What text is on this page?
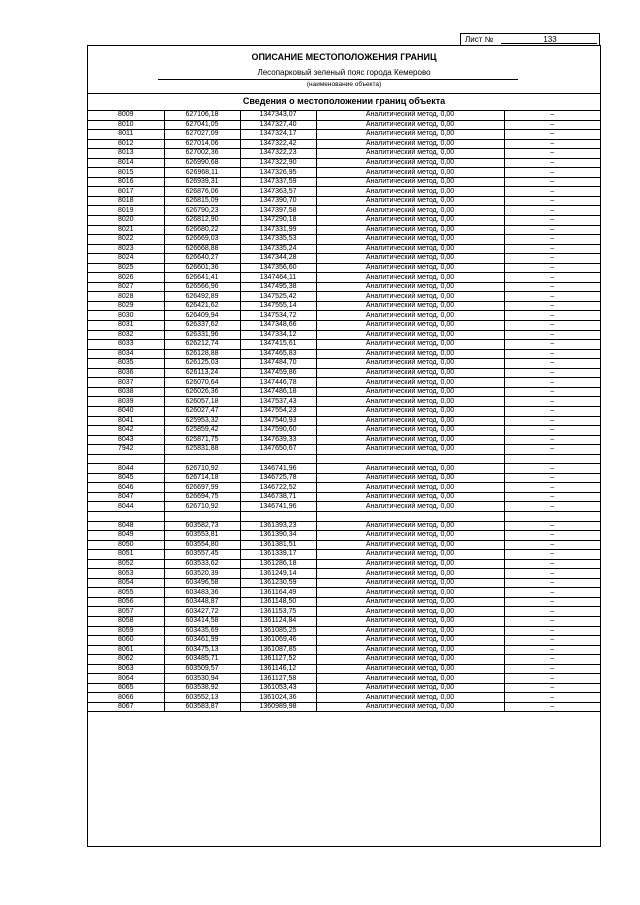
Лист №	133
ОПИСАНИЕ МЕСТОПОЛОЖЕНИЯ ГРАНИЦ
Лесопарковый зеленый пояс города Кемерово
(наименование объекта)
Сведения о местоположении границ объекта
8009	627106,18	1347343,07	Аналитический метод, 0,00	–
8010	627041,05	1347327,40	Аналитический метод, 0,00	–
8011	627027,09	1347324,17	Аналитический метод, 0,00	–
8012	627014,06	1347322,42	Аналитический метод, 0,00	–
8013	627002,36	1347322,23	Аналитический метод, 0,00	–
8014	626990,68	1347322,90	Аналитический метод, 0,00	–
8015	626968,11	1347326,95	Аналитический метод, 0,00	–
8016	626939,31	1347337,59	Аналитический метод, 0,00	–
8017	626876,06	1347363,57	Аналитический метод, 0,00	–
8018	626815,09	1347390,70	Аналитический метод, 0,00	–
8019	626790,23	1347397,58	Аналитический метод, 0,00	–
8020	626812,90	1347290,18	Аналитический метод, 0,00	–
8021	626680,22	1347331,99	Аналитический метод, 0,00	–
8022	626669,03	1347335,53	Аналитический метод, 0,00	–
8023	626668,88	1347335,24	Аналитический метод, 0,00	–
8024	626640,27	1347344,28	Аналитический метод, 0,00	–
8025	626601,36	1347356,60	Аналитический метод, 0,00	–
8026	626641,41	1347464,11	Аналитический метод, 0,00	–
8027	626566,96	1347495,38	Аналитический метод, 0,00	–
8028	626492,89	1347525,42	Аналитический метод, 0,00	–
8029	626421,62	1347555,14	Аналитический метод, 0,00	–
8030	626409,94	1347534,72	Аналитический метод, 0,00	–
8031	626337,62	1347348,66	Аналитический метод, 0,00	–
8032	626331,96	1347334,12	Аналитический метод, 0,00	–
8033	626212,74	1347415,61	Аналитический метод, 0,00	–
8034	626128,88	1347465,83	Аналитический метод, 0,00	–
8035	626125,03	1347484,70	Аналитический метод, 0,00	–
8036	626113,24	1347459,86	Аналитический метод, 0,00	–
8037	626070,64	1347446,78	Аналитический метод, 0,00	–
8038	626026,36	1347486,18	Аналитический метод, 0,00	–
8039	626057,18	1347537,43	Аналитический метод, 0,00	–
8040	626027,47	1347554,23	Аналитический метод, 0,00	–
8041	625953,32	1347540,93	Аналитический метод, 0,00	–
8042	625859,42	1347590,60	Аналитический метод, 0,00	–
8043	625871,75	1347639,33	Аналитический метод, 0,00	–
7942	625831,88	1347650,67	Аналитический метод, 0,00	–

8044	626710,92	1346741,96	Аналитический метод, 0,00	–
8045	626714,18	1346725,78	Аналитический метод, 0,00	–
8046	626697,99	1346722,52	Аналитический метод, 0,00	–
8047	626694,75	1346738,71	Аналитический метод, 0,00	–
8044	626710,92	1346741,96	Аналитический метод, 0,00	–

8048	603582,73	1361393,23	Аналитический метод, 0,00	–
8049	603553,81	1361390,34	Аналитический метод, 0,00	–
8050	603554,80	1361381,51	Аналитический метод, 0,00	–
8051	603557,45	1361339,17	Аналитический метод, 0,00	–
8052	603533,62	1361286,18	Аналитический метод, 0,00	–
8053	603520,39	1361249,14	Аналитический метод, 0,00	–
8054	603496,58	1361230,59	Аналитический метод, 0,00	–
8055	603483,36	1361164,49	Аналитический метод, 0,00	–
8056	603448,87	1361148,50	Аналитический метод, 0,00	–
8057	603427,72	1361153,75	Аналитический метод, 0,00	–
8058	603414,58	1361124,84	Аналитический метод, 0,00	–
8059	603435,69	1361085,25	Аналитический метод, 0,00	–
8060	603461,99	1361069,46	Аналитический метод, 0,00	–
8061	603475,13	1361087,85	Аналитический метод, 0,00	–
8062	603485,71	1361127,52	Аналитический метод, 0,00	–
8063	603509,57	1361146,12	Аналитический метод, 0,00	–
8064	603530,94	1361127,58	Аналитический метод, 0,00	–
8065	603538,92	1361053,43	Аналитический метод, 0,00	–
8066	603552,13	1361024,36	Аналитический метод, 0,00	–
8067	603583,87	1360989,98	Аналитический метод, 0,00	–
